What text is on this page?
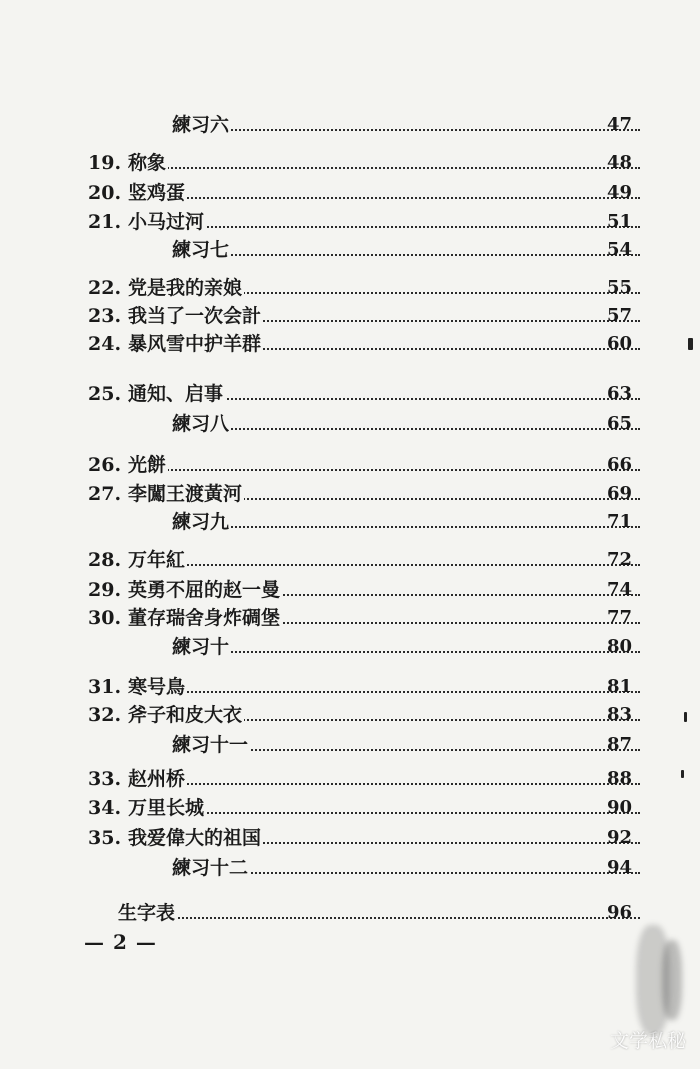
練习六	47
19. 称象	48
20. 竖鸡蛋	49
21. 小马过河	51
練习七	54
22. 党是我的亲娘	55
23. 我当了一次会計	57
24. 暴风雪中护羊群	60
25. 通知、启事	63
練习八	65
26. 光餅	66
27. 李闖王渡黃河	69
練习九	71
28. 万年紅	72
29. 英勇不屈的赵一曼	74
30. 董存瑞舍身炸碉堡	77
練习十	80
31. 寒号鳥	81
32. 斧子和皮大衣	83
練习十一	87
33. 赵州桥	88
34. 万里长城	90
35. 我爱偉大的祖国	92
練习十二	94
生字表	96
— 2 —
文学私秘
